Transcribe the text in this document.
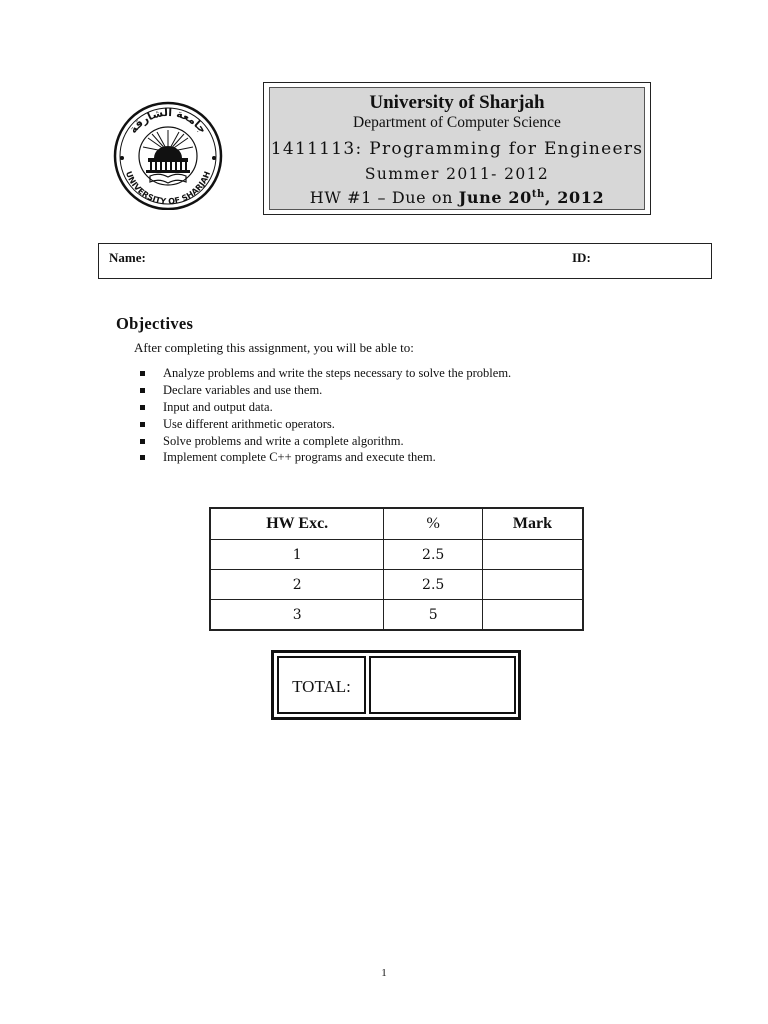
جامعة الشارقة
UNIVERSITY OF SHARJAH
University of Sharjah
Department of Computer Science
1411113: Programming for Engineers
Summer 2011- 2012
HW #1 – Due on June 20th, 2012
Name:	ID:
Objectives
After completing this assignment, you will be able to:
Analyze problems and write the steps necessary to solve the problem.
Declare variables and use them.
Input and output data.
Use different arithmetic operators.
Solve problems and write a complete algorithm.
Implement complete C++ programs and execute them.
HW Exc.	%	Mark
1	2.5	
2	2.5	
3	5	
TOTAL:
1
